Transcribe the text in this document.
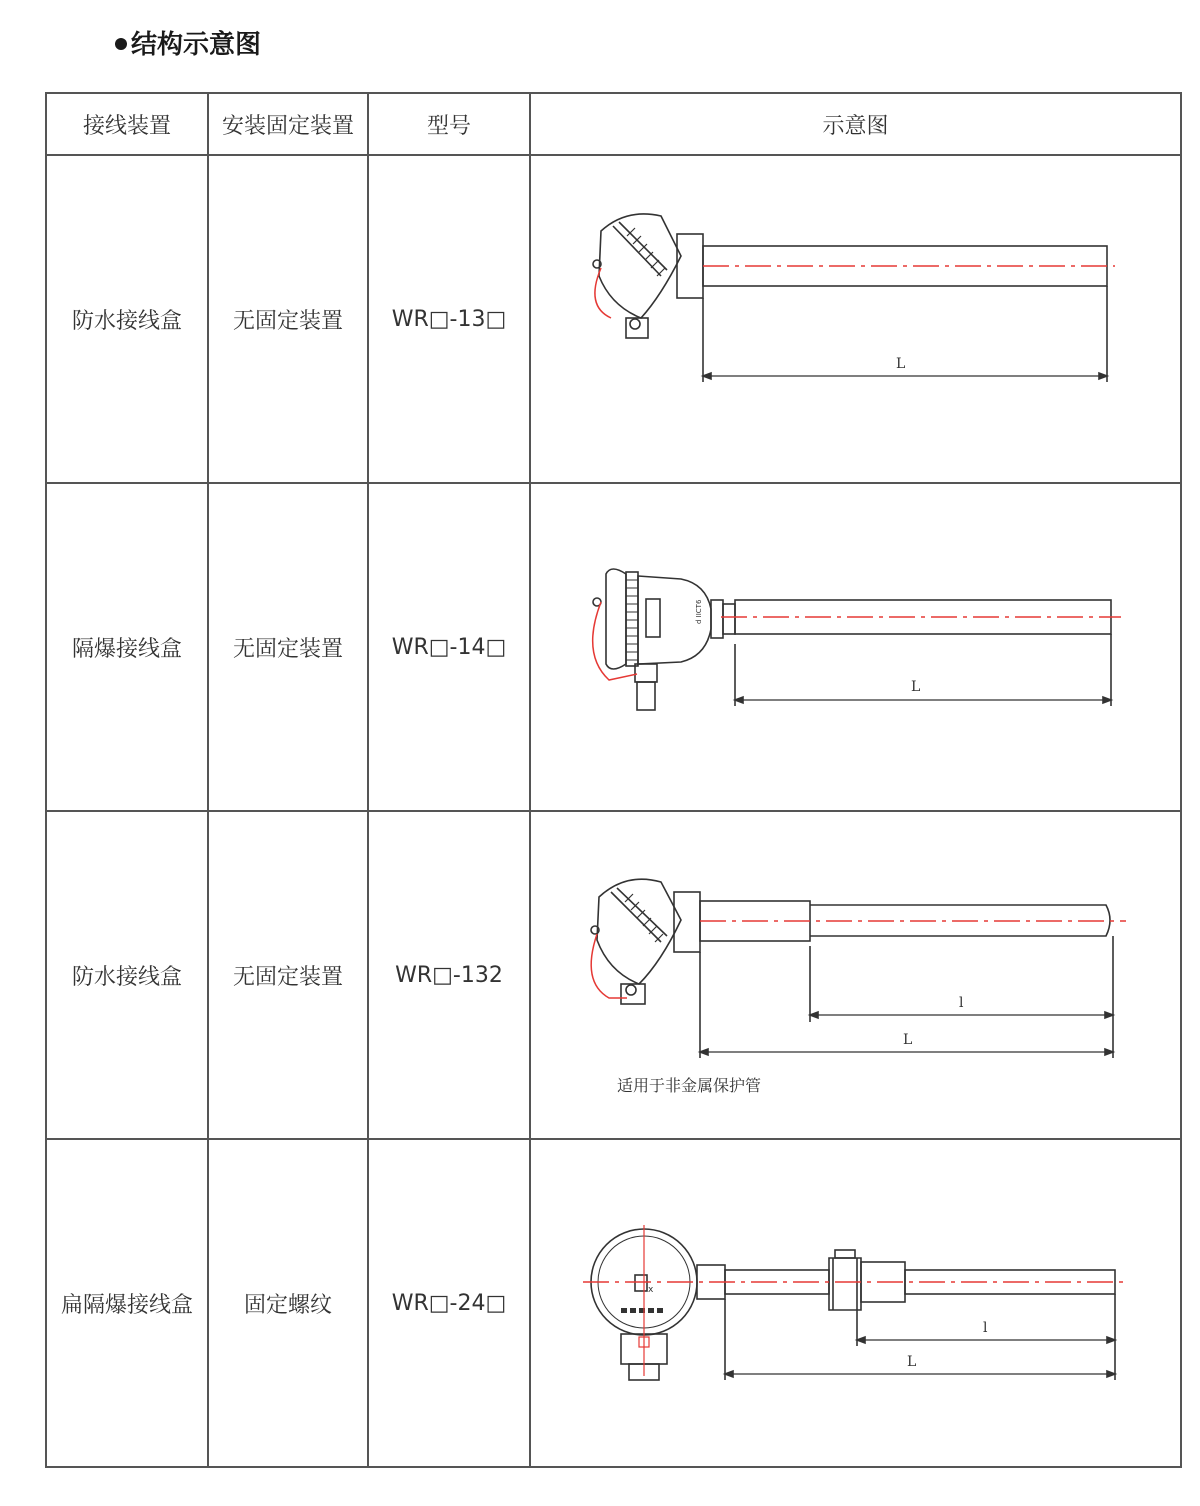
结构示意图
接线装置	安装固定装置	型号	示意图
防水接线盒	无固定装置	WR□-13□	L

隔爆接线盒	无固定装置	WR□-14□	d IICT6
L

防水接线盒	无固定装置	WR□-132	l
L
适用于非金属保护管

扁隔爆接线盒	固定螺纹	WR□-24□	x
l
L
